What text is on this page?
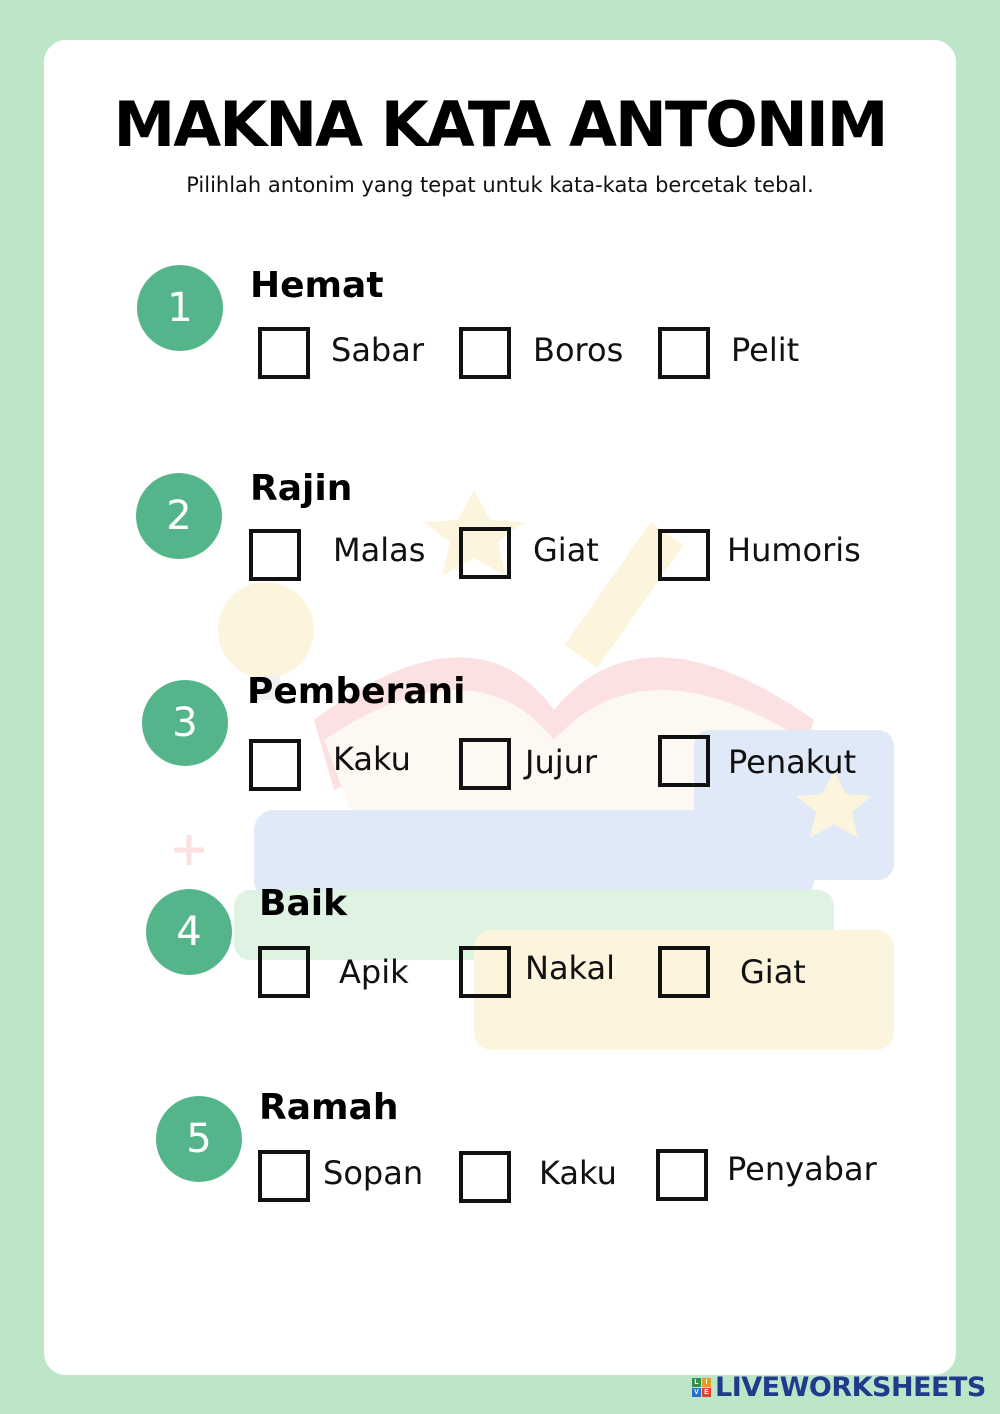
MAKNA KATA ANTONIM
Pilihlah antonim yang tepat untuk kata-kata bercetak tebal.
1	Hemat
Sabar	Boros	Pelit
2
Rajin
Malas	Giat	Humoris
3
Pemberani
Kaku	Jujur	Penakut
4
Baik
Apik	Nakal	Giat
5
Ramah
Sopan	Kaku	Penyabar
L I
V E LIVEWORKSHEETS
